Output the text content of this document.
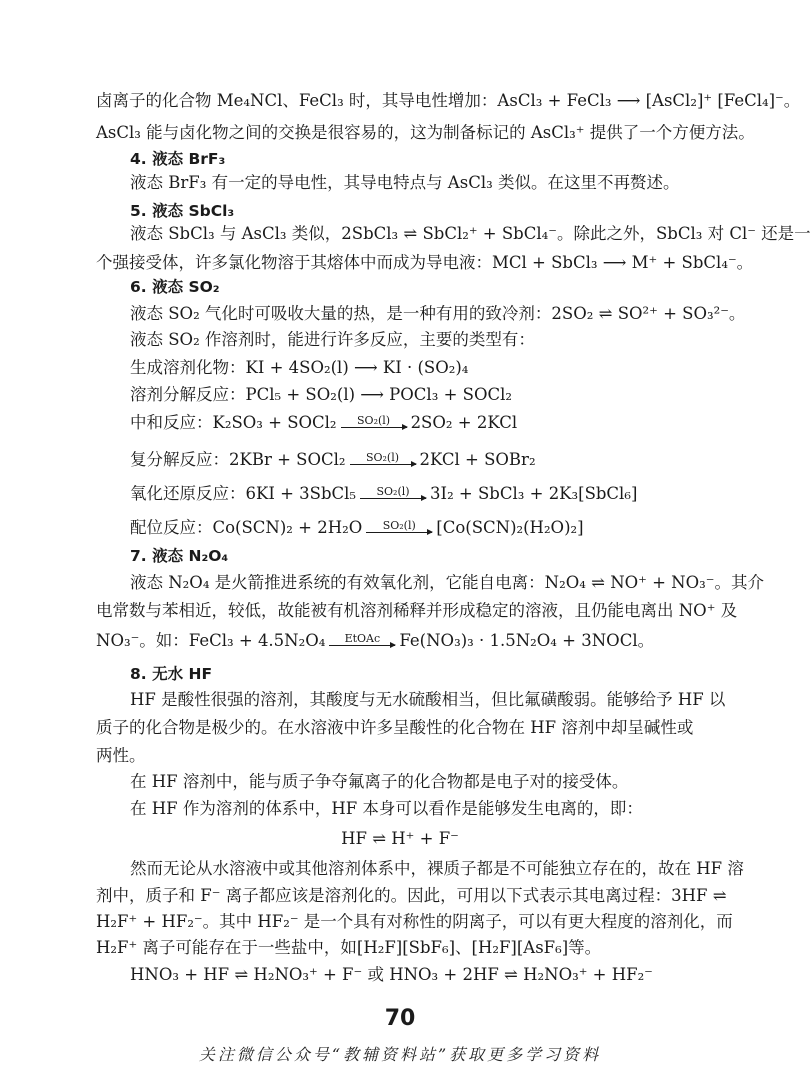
卤离子的化合物 Me₄NCl、FeCl₃ 时，其导电性增加：AsCl₃ + FeCl₃ ⟶ [AsCl₂]⁺ [FeCl₄]⁻。
AsCl₃ 能与卤化物之间的交换是很容易的，这为制备标记的 AsCl₃⁺ 提供了一个方便方法。
4. 液态 BrF₃
液态 BrF₃ 有一定的导电性，其导电特点与 AsCl₃ 类似。在这里不再赘述。
5. 液态 SbCl₃
液态 SbCl₃ 与 AsCl₃ 类似，2SbCl₃ ⇌ SbCl₂⁺ + SbCl₄⁻。除此之外，SbCl₃ 对 Cl⁻ 还是一
个强接受体，许多氯化物溶于其熔体中而成为导电液：MCl + SbCl₃ ⟶ M⁺ + SbCl₄⁻。
6. 液态 SO₂
液态 SO₂ 气化时可吸收大量的热，是一种有用的致冷剂：2SO₂ ⇌ SO²⁺ + SO₃²⁻。
液态 SO₂ 作溶剂时，能进行许多反应，主要的类型有：
生成溶剂化物：KI + 4SO₂(l) ⟶ KI · (SO₂)₄
溶剂分解反应：PCl₅ + SO₂(l) ⟶ POCl₃ + SOCl₂
中和反应： K₂SO₃ + SOCl₂ SO₂(l) 2SO₂ + 2KCl
复分解反应： 2KBr + SOCl₂ SO₂(l) 2KCl + SOBr₂
氧化还原反应： 6KI + 3SbCl₅ SO₂(l) 3I₂ + SbCl₃ + 2K₃[SbCl₆]
配位反应： Co(SCN)₂ + 2H₂O SO₂(l) [Co(SCN)₂(H₂O)₂]
7. 液态 N₂O₄
液态 N₂O₄ 是火箭推进系统的有效氧化剂，它能自电离：N₂O₄ ⇌ NO⁺ + NO₃⁻。其介
电常数与苯相近，较低，故能被有机溶剂稀释并形成稳定的溶液，且仍能电离出 NO⁺ 及
NO₃⁻。如： FeCl₃ + 4.5N₂O₄ EtOAc Fe(NO₃)₃ · 1.5N₂O₄ + 3NOCl。
8. 无水 HF
HF 是酸性很强的溶剂，其酸度与无水硫酸相当，但比氟磺酸弱。能够给予 HF 以
质子的化合物是极少的。在水溶液中许多呈酸性的化合物在 HF 溶剂中却呈碱性或
两性。
在 HF 溶剂中，能与质子争夺氟离子的化合物都是电子对的接受体。
在 HF 作为溶剂的体系中，HF 本身可以看作是能够发生电离的，即：
HF ⇌ H⁺ + F⁻
然而无论从水溶液中或其他溶剂体系中，裸质子都是不可能独立存在的，故在 HF 溶
剂中，质子和 F⁻ 离子都应该是溶剂化的。因此，可用以下式表示其电离过程：3HF ⇌
H₂F⁺ + HF₂⁻。其中 HF₂⁻ 是一个具有对称性的阴离子，可以有更大程度的溶剂化，而
H₂F⁺ 离子可能存在于一些盐中，如[H₂F][SbF₆]、[H₂F][AsF₆]等。
HNO₃ + HF ⇌ H₂NO₃⁺ + F⁻ 或 HNO₃ + 2HF ⇌ H₂NO₃⁺ + HF₂⁻
70
关注微信公众号“教辅资料站”获取更多学习资料
